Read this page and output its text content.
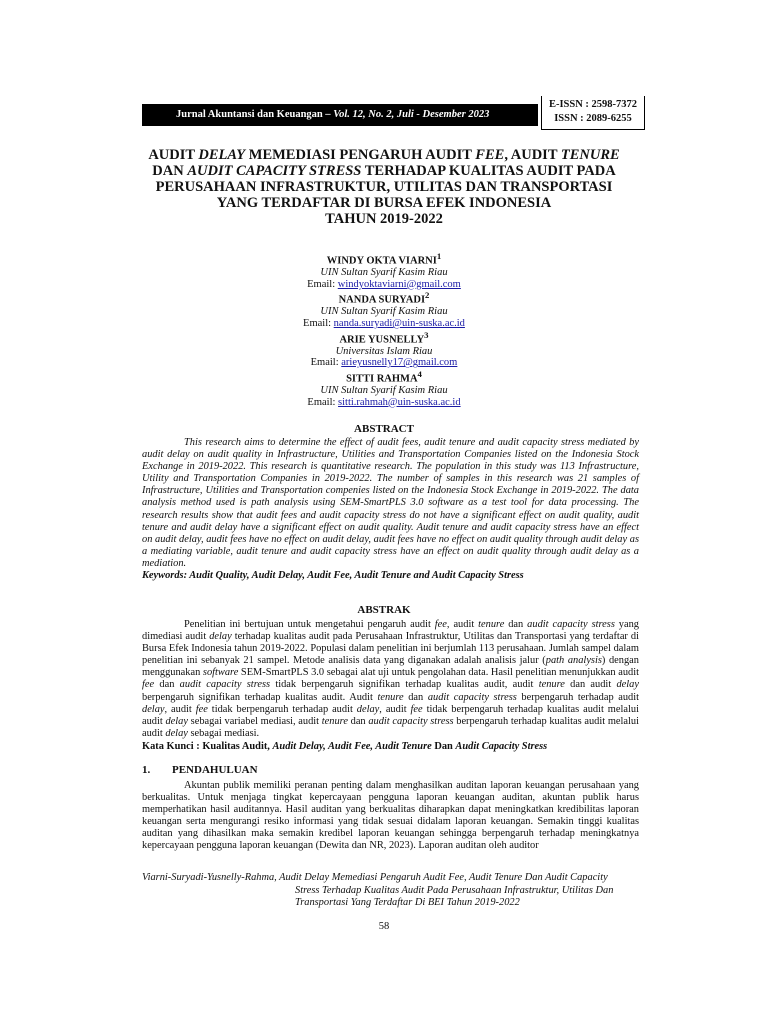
Jurnal Akuntansi dan Keuangan – Vol. 12, No. 2, Juli - Desember 2023
E-ISSN : 2598-7372
ISSN : 2089-6255
AUDIT DELAY MEMEDIASI PENGARUH AUDIT FEE, AUDIT TENURE
DAN AUDIT CAPACITY STRESS TERHADAP KUALITAS AUDIT PADA
PERUSAHAAN INFRASTRUKTUR, UTILITAS DAN TRANSPORTASI
YANG TERDAFTAR DI BURSA EFEK INDONESIA
TAHUN 2019-2022
WINDY OKTA VIARNI$^1$
UIN Sultan Syarif Kasim Riau
Email: windyoktaviarni@gmail.com
NANDA SURYADI$^2$
UIN Sultan Syarif Kasim Riau
Email: nanda.suryadi@uin-suska.ac.id
ARIE YUSNELLY$^3$
Universitas Islam Riau
Email: arieyusnelly17@gmail.com
SITTI RAHMA$^4$
UIN Sultan Syarif Kasim Riau
Email: sitti.rahmah@uin-suska.ac.id
ABSTRACT
This research aims to determine the effect of audit fees, audit tenure and audit capacity stress mediated by audit delay on audit quality in Infrastructure, Utilities and Transportation Companies listed on the Indonesia Stock Exchange in 2019-2022. This research is quantitative research. The population in this study was 113 Infrastructure, Utility and Transportation Companies in 2019-2022. The number of samples in this research was 21 samples of Infrastructure, Utilities and Transportation compenies listed on the Indonesia Stock Exchange in 2019-2022. The data analysis method used is path analysis using SEM-SmartPLS 3.0 software as a test tool for data processing. The research results show that audit fees and audit capacity stress do not have a significant effect on audit quality, audit tenure and audit delay have a significant effect on audit quality. Audit tenure and audit capacity stress have an effect on audit delay, audit fees have no effect on audit delay, audit fees have no effect on audit quality through audit delay as a mediating variable, audit tenure and audit capacity stress have an effect on audit quality through audit delay as a mediation.
Keywords: Audit Quality, Audit Delay, Audit Fee, Audit Tenure and Audit Capacity Stress
ABSTRAK
Penelitian ini bertujuan untuk mengetahui pengaruh audit fee, audit tenure dan audit capacity stress yang dimediasi audit delay terhadap kualitas audit pada Perusahaan Infrastruktur, Utilitas dan Transportasi yang terdaftar di Bursa Efek Indonesia tahun 2019-2022. Populasi dalam penelitian ini berjumlah 113 perusahaan. Jumlah sampel dalam penelitian ini sebanyak 21 sampel. Metode analisis data yang diganakan adalah analisis jalur (path analysis) dengan menggunakan software SEM-SmartPLS 3.0 sebagai alat uji untuk pengolahan data. Hasil penelitian menunjukkan audit fee dan audit capacity stress tidak berpengaruh signifikan terhadap kualitas audit, audit tenure dan audit delay berpengaruh signifikan terhadap kualitas audit. Audit tenure dan audit capacity stress berpengaruh terhadap audit delay, audit fee tidak berpengaruh terhadap audit delay, audit fee tidak berpengaruh terhadap kualitas audit melalui audit delay sebagai variabel mediasi, audit tenure dan audit capacity stress berpengaruh terhadap kualitas audit melalui audit delay sebagai mediasi.
Kata Kunci : Kualitas Audit, Audit Delay, Audit Fee, Audit Tenure Dan Audit Capacity Stress
1. PENDAHULUAN
Akuntan publik memiliki peranan penting dalam menghasilkan auditan laporan keuangan perusahaan yang berkualitas. Untuk menjaga tingkat kepercayaan pengguna laporan keuangan auditan, akuntan publik harus memperhatikan hasil auditannya. Hasil auditan yang berkualitas diharapkan dapat meningkatkan kredibilitas laporan keuangan serta mengurangi resiko informasi yang tidak sesuai didalam laporan keuangan. Semakin tinggi kualitas auditan yang dihasilkan maka semakin kredibel laporan keuangan sehingga berpengaruh terhadap meningkatnya kepercayaan pengguna laporan keuangan (Dewita dan NR, 2023). Laporan auditan oleh auditor
Viarni-Suryadi-Yusnelly-Rahma, Audit Delay Memediasi Pengaruh Audit Fee, Audit Tenure Dan Audit Capacity
Stress Terhadap Kualitas Audit Pada Perusahaan Infrastruktur, Utilitas Dan
Transportasi Yang Terdaftar Di BEI Tahun 2019-2022
58
